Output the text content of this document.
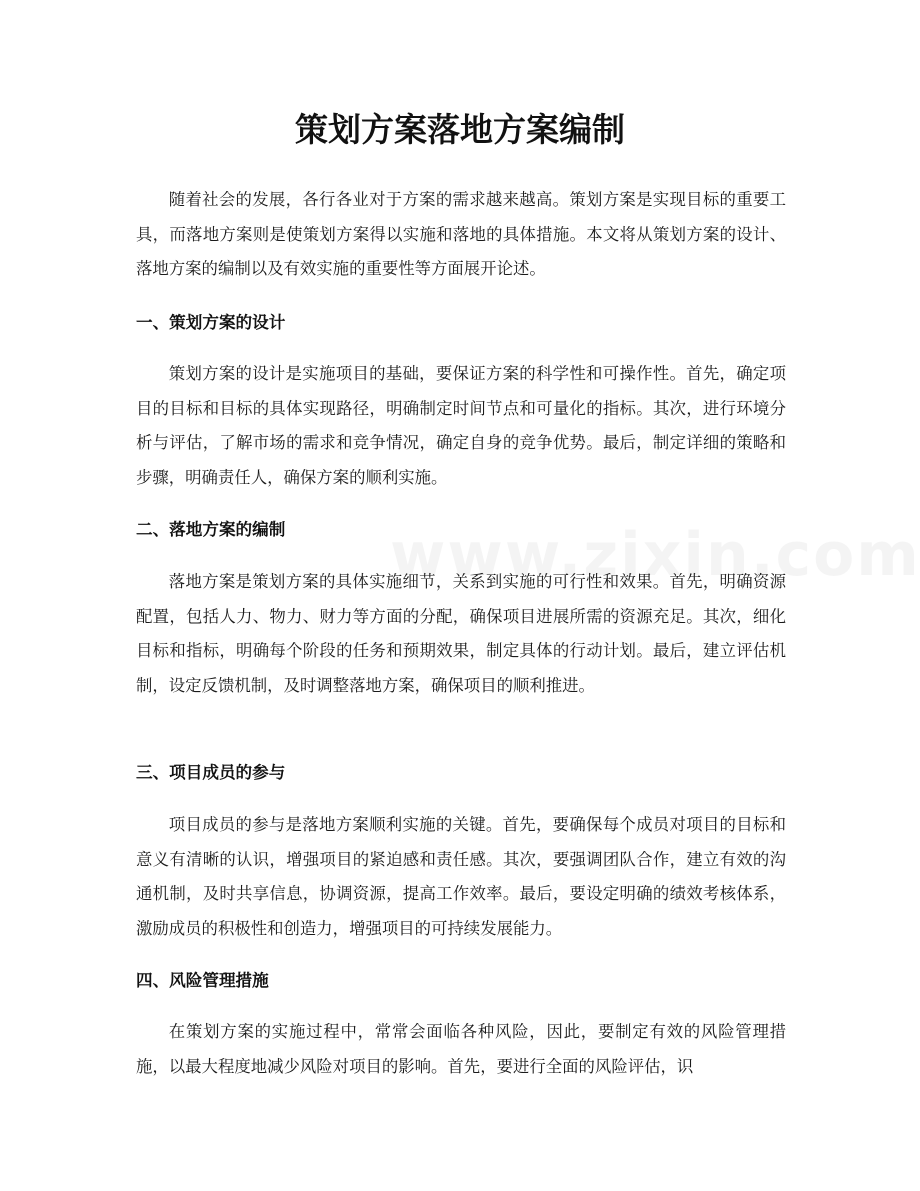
策划方案落地方案编制

随着社会的发展，各行各业对于方案的需求越来越高。策划方案是实现目标的重要工具，而落地方案则是使策划方案得以实施和落地的具体措施。本文将从策划方案的设计、落地方案的编制以及有效实施的重要性等方面展开论述。

一、策划方案的设计

策划方案的设计是实施项目的基础，要保证方案的科学性和可操作性。首先，确定项目的目标和目标的具体实现路径，明确制定时间节点和可量化的指标。其次，进行环境分析与评估，了解市场的需求和竞争情况，确定自身的竞争优势。最后，制定详细的策略和步骤，明确责任人，确保方案的顺利实施。

二、落地方案的编制

落地方案是策划方案的具体实施细节，关系到实施的可行性和效果。首先，明确资源配置，包括人力、物力、财力等方面的分配，确保项目进展所需的资源充足。其次，细化目标和指标，明确每个阶段的任务和预期效果，制定具体的行动计划。最后，建立评估机制，设定反馈机制，及时调整落地方案，确保项目的顺利推进。

三、项目成员的参与

项目成员的参与是落地方案顺利实施的关键。首先，要确保每个成员对项目的目标和意义有清晰的认识，增强项目的紧迫感和责任感。其次，要强调团队合作，建立有效的沟通机制，及时共享信息，协调资源，提高工作效率。最后，要设定明确的绩效考核体系，激励成员的积极性和创造力，增强项目的可持续发展能力。

四、风险管理措施

在策划方案的实施过程中，常常会面临各种风险，因此，要制定有效的风险管理措施，以最大程度地减少风险对项目的影响。首先，要进行全面的风险评估，识
